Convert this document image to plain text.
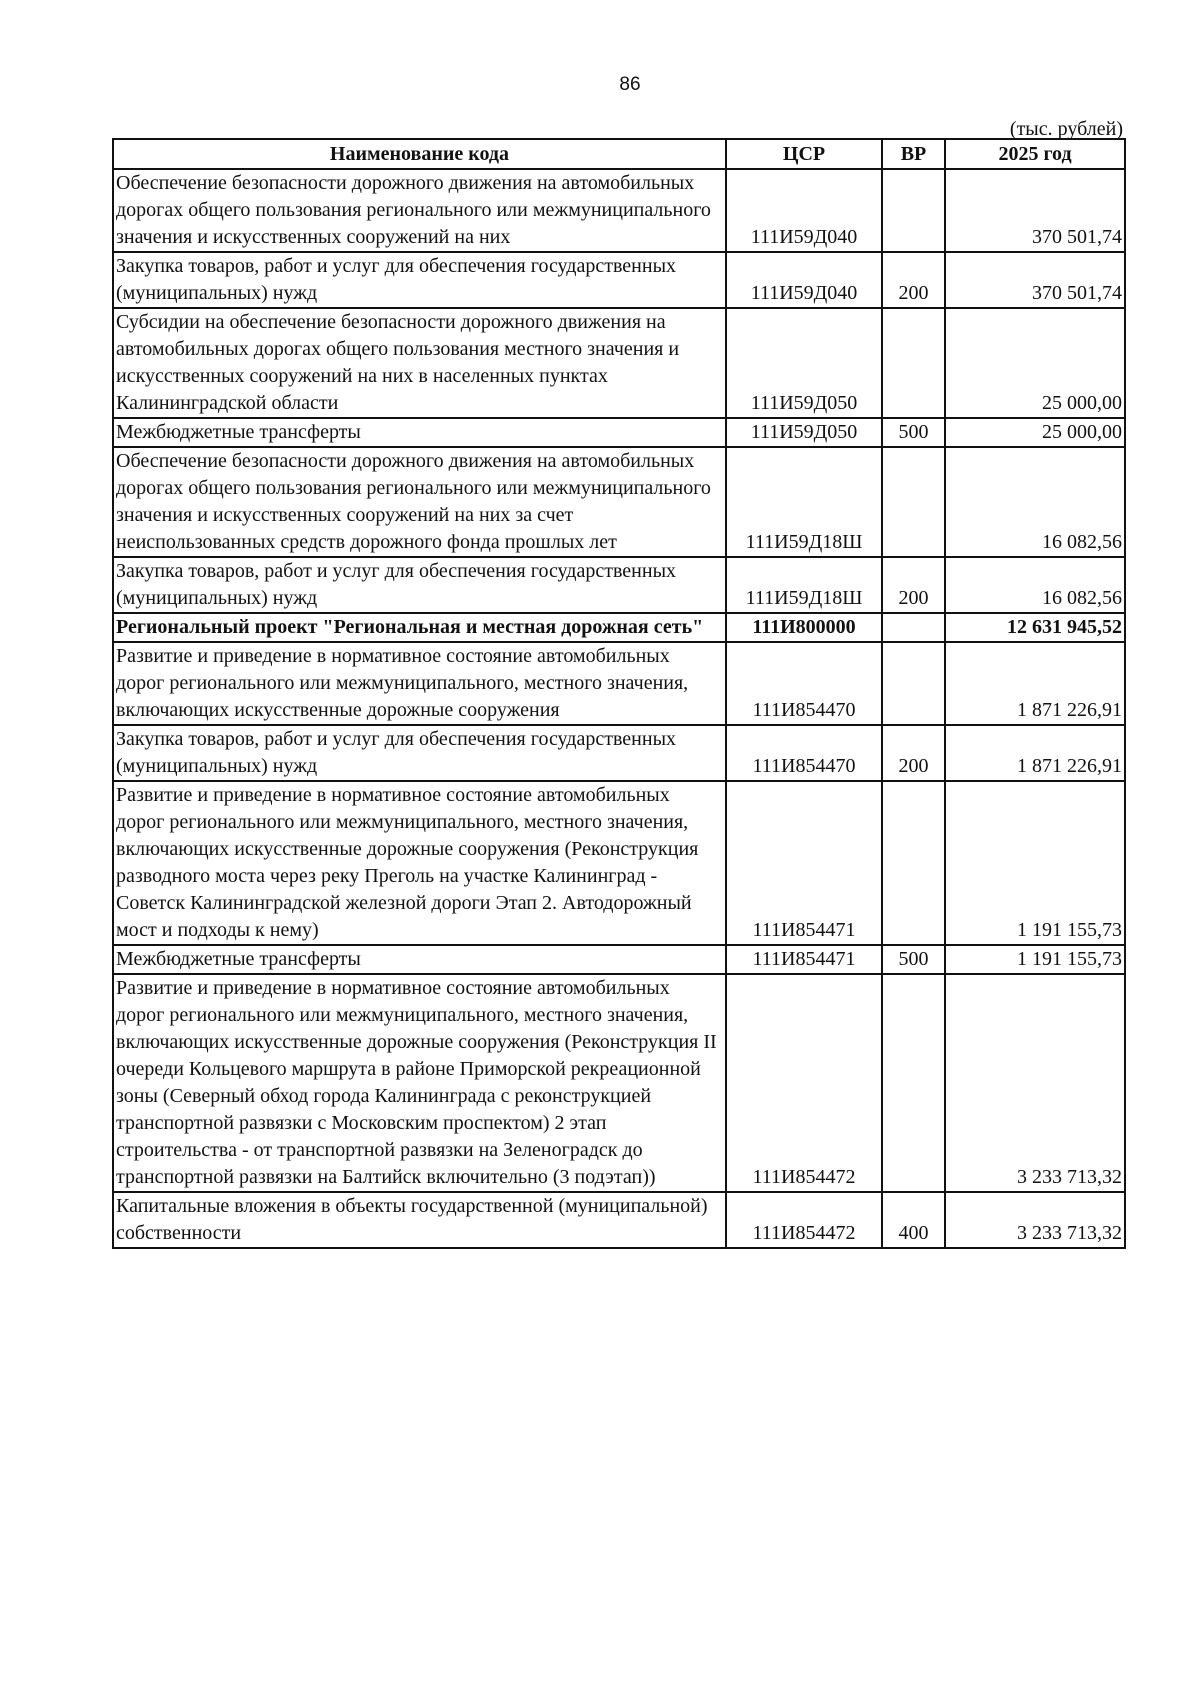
86
(тыс. рублей)
Наименование кода	ЦСР	ВР	2025 год
Обеспечение безопасности дорожного движения на автомобильных дорогах общего пользования регионального или межмуниципального значения и искусственных сооружений на них	111И59Д040		370 501,74
Закупка товаров, работ и услуг для обеспечения государственных (муниципальных) нужд	111И59Д040	200	370 501,74
Субсидии на обеспечение безопасности дорожного движения на автомобильных дорогах общего пользования местного значения и искусственных сооружений на них в населенных пунктах Калининградской области	111И59Д050		25 000,00
Межбюджетные трансферты	111И59Д050	500	25 000,00
Обеспечение безопасности дорожного движения на автомобильных дорогах общего пользования регионального или межмуниципального значения и искусственных сооружений на них за счет неиспользованных средств дорожного фонда прошлых лет	111И59Д18Ш		16 082,56
Закупка товаров, работ и услуг для обеспечения государственных (муниципальных) нужд	111И59Д18Ш	200	16 082,56
Региональный проект "Региональная и местная дорожная сеть"	111И800000		12 631 945,52
Развитие и приведение в нормативное состояние автомобильных дорог регионального или межмуниципального, местного значения, включающих искусственные дорожные сооружения	111И854470		1 871 226,91
Закупка товаров, работ и услуг для обеспечения государственных (муниципальных) нужд	111И854470	200	1 871 226,91
Развитие и приведение в нормативное состояние автомобильных дорог регионального или межмуниципального, местного значения, включающих искусственные дорожные сооружения (Реконструкция разводного моста через реку Преголь на участке Калининград - Советск Калининградской железной дороги Этап 2. Автодорожный мост и подходы к нему)	111И854471		1 191 155,73
Межбюджетные трансферты	111И854471	500	1 191 155,73
Развитие и приведение в нормативное состояние автомобильных дорог регионального или межмуниципального, местного значения, включающих искусственные дорожные сооружения (Реконструкция II очереди Кольцевого маршрута в районе Приморской рекреационной зоны (Северный обход города Калининграда с реконструкцией транспортной развязки с Московским проспектом) 2 этап строительства - от транспортной развязки на Зеленоградск до транспортной развязки на Балтийск включительно (3 подэтап))	111И854472		3 233 713,32
Капитальные вложения в объекты государственной (муниципальной) собственности	111И854472	400	3 233 713,32
